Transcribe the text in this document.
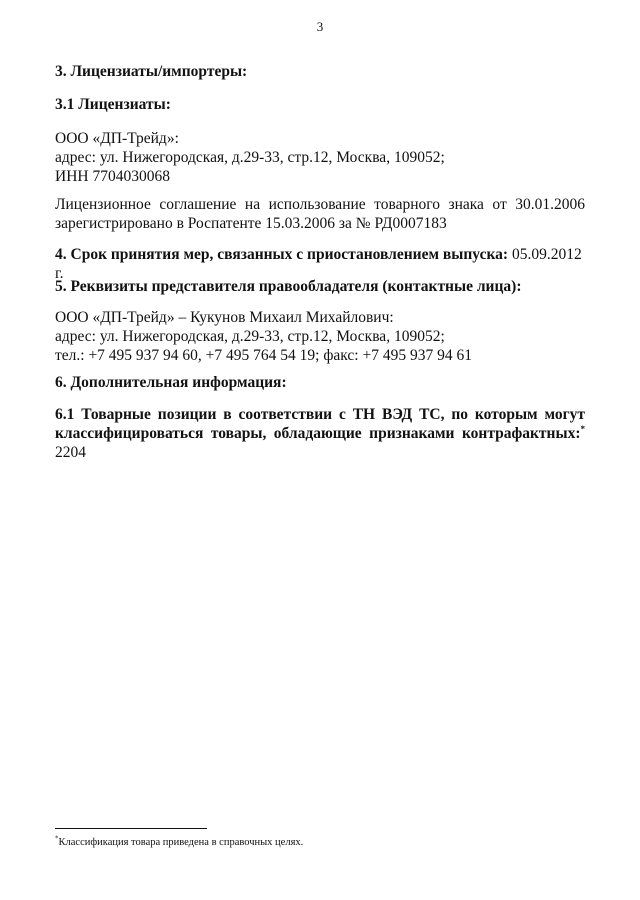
3
3. Лицензиаты/импортеры:
3.1 Лицензиаты:
ООО «ДП-Трейд»:
адрес: ул. Нижегородская, д.29-33, стр.12, Москва, 109052;
ИНН 7704030068
Лицензионное соглашение на использование товарного знака от 30.01.2006
зарегистрировано в Роспатенте 15.03.2006 за № РД0007183
4. Срок принятия мер, связанных с приостановлением выпуска: 05.09.2012 г.
5. Реквизиты представителя правообладателя (контактные лица):
ООО «ДП-Трейд» – Кукунов Михаил Михайлович:
адрес: ул. Нижегородская, д.29-33, стр.12, Москва, 109052;
тел.: +7 495 937 94 60, +7 495 764 54 19; факс: +7 495 937 94 61
6. Дополнительная информация:
6.1 Товарные позиции в соответствии с ТН ВЭД ТС, по которым могут
классифицироваться товары, обладающие признаками контрафактных:*
2204
*Классификация товара приведена в справочных целях.
